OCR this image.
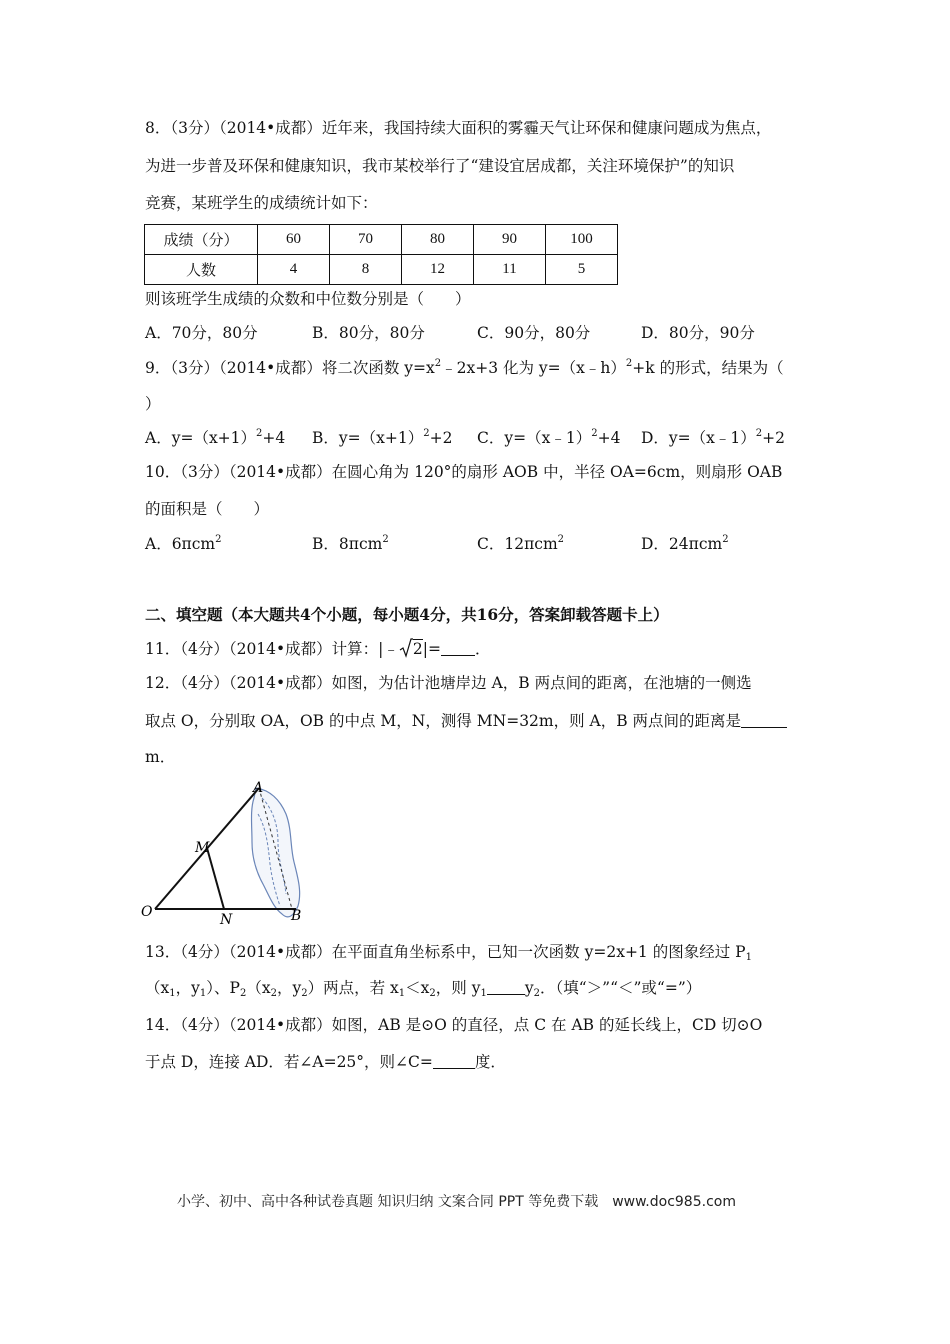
8．（3分）（2014•成都）近年来，我国持续大面积的雾霾天气让环保和健康问题成为焦点，
为进一步普及环保和健康知识，我市某校举行了“建设宜居成都，关注环境保护”的知识
竞赛，某班学生的成绩统计如下：
成绩（分）	60	70	80	90	100
人数	4	8	12	11	5
则该班学生成绩的众数和中位数分别是（　　）
A．70分，80分	B．80分，80分	C．90分，80分	D．80分，90分
9．（3分）（2014•成都）将二次函数 $y=x^2﹣2x+3$ 化为 y=（x﹣h）$^2$+k 的形式，结果为（
）
A．$y=(x+1)^2+4$ B．$y=(x+1)^2+2$ C．y=（x﹣1）$^2$+4 D．y=（x﹣1）$^2$+2
10．（3分）（2014•成都）在圆心角为 120°的扇形 AOB 中，半径 OA=6cm，则扇形 OAB
的面积是（　　）
A．6πcm$^2$	B．8πcm$^2$	C．12πcm$^2$	D．24πcm$^2$
二、填空题（本大题共4个小题，每小题4分，共16分，答案卸载答题卡上）
11．（4分）（2014•成都）计算：|﹣ 2|= ．
12．（4分）（2014•成都）如图，为估计池塘岸边 A，B 两点间的距离，在池塘的一侧选
取点 O，分别取 OA，OB 的中点 M，N，测得 MN=32m，则 A，B 两点间的距离是
m．
A
M
O	N	B
13．（4分）（2014•成都）在平面直角坐标系中，已知一次函数 y=2x+1 的图象经过 $P_1$
（$x_1$，$y_1$）、$P_2(x_2$，$y_2$）两点，若 $x_1<x_2$，则 $y_1$ $y_2$．（填“＞”“＜”或“=”）
14．（4分）（2014•成都）如图，AB 是⊙O 的直径，点 C 在 AB 的延长线上，CD 切⊙O
于点 D，连接 AD．若∠A=25°，则∠C=	度．
小学、初中、高中各种试卷真题 知识归纳 文案合同 PPT 等免费下载　www.doc985.com
